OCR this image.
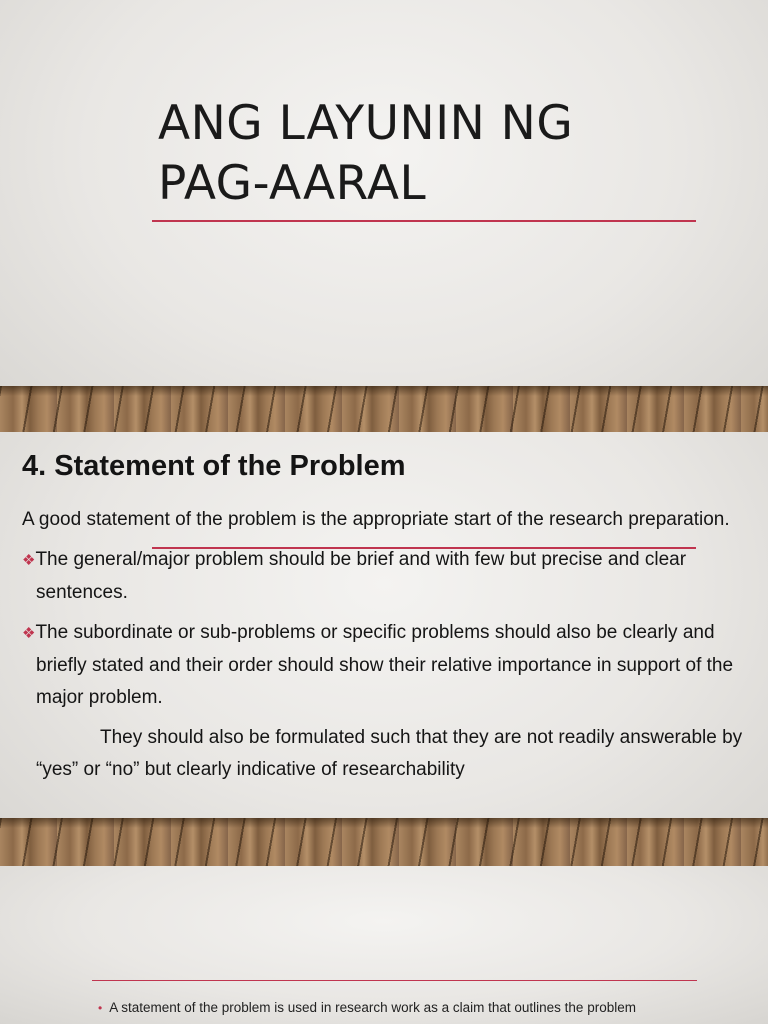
ANG LAYUNIN NG
PAG-AARAL
4. Statement of the Problem

A good statement of the problem is the appropriate start of the research preparation.

❖The general/major problem should be brief and with few but precise and clear sentences.

❖The subordinate or sub-problems or specific problems should also be clearly and briefly stated and their order should show their relative importance in support of the major problem.

They should also be formulated such that they are not readily answerable by “yes” or “no” but clearly indicative of researchability

• A statement of the problem is used in research work as a claim that outlines the problem
